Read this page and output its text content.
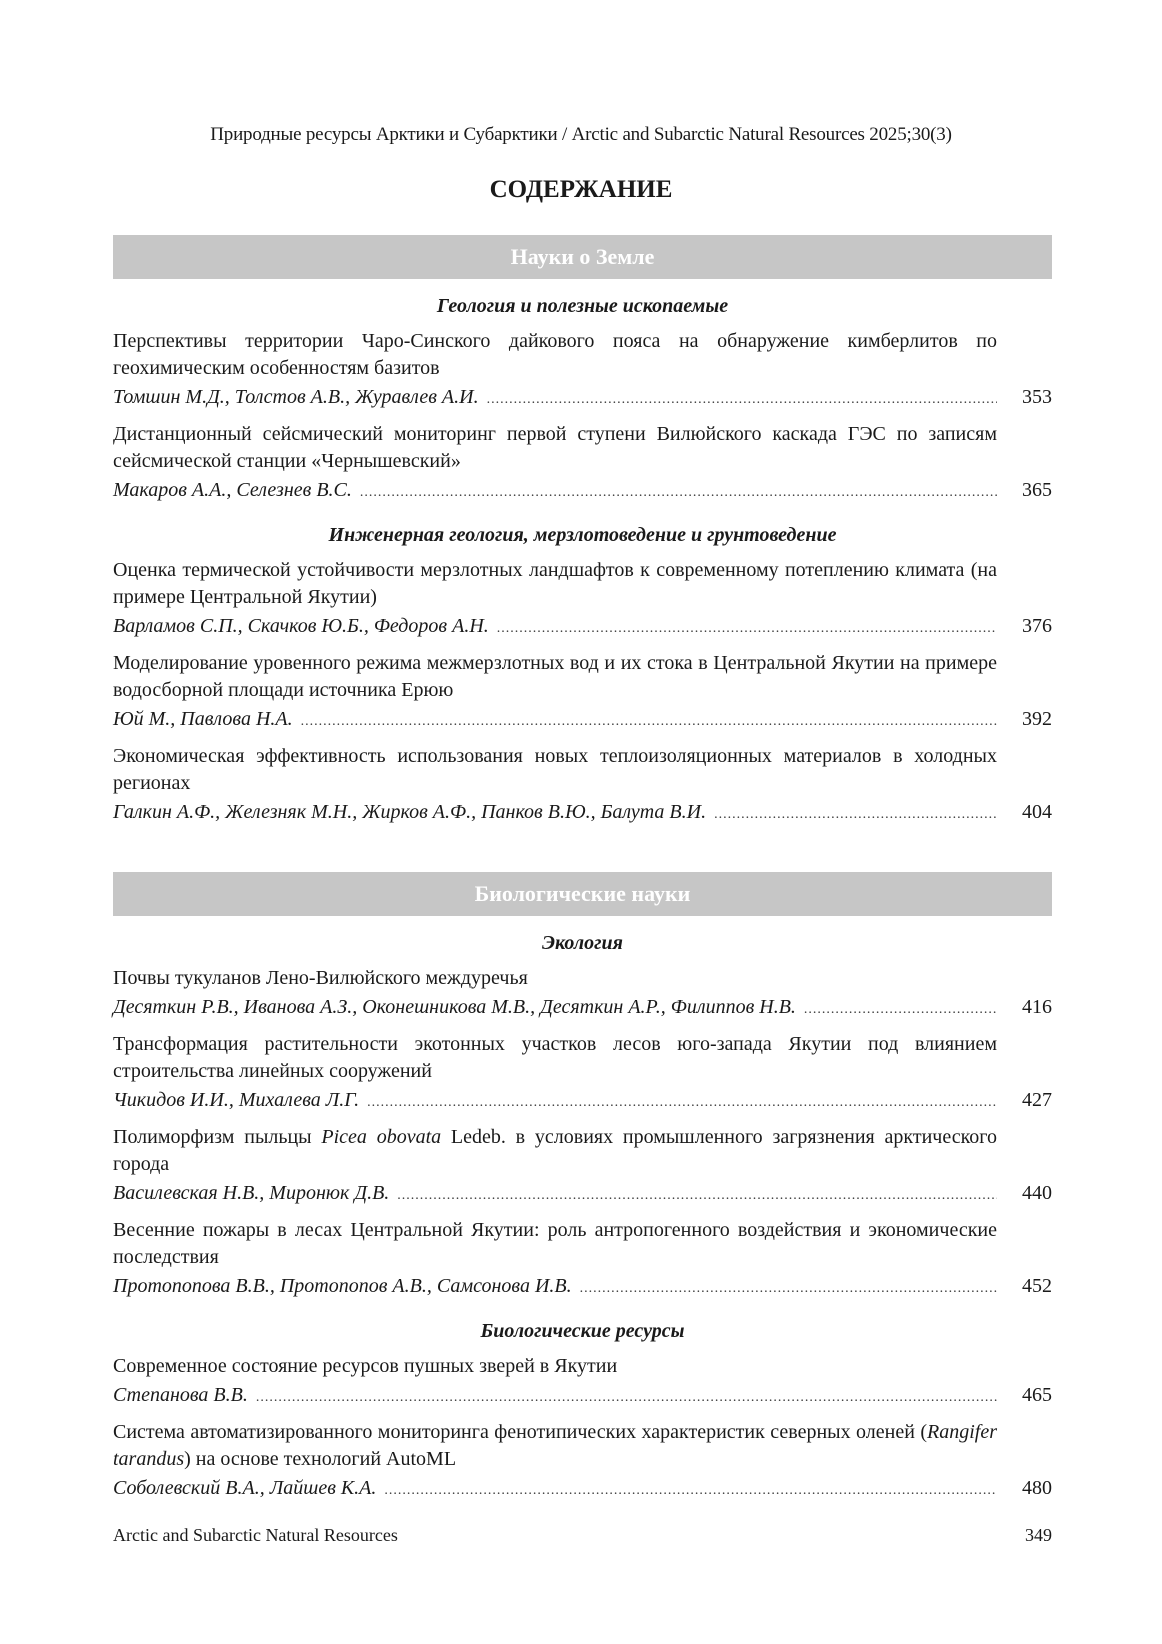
Природные ресурсы Арктики и Субарктики / Arctic and Subarctic Natural Resources 2025;30(3)
СОДЕРЖАНИЕ
Науки о Земле
Геология и полезные ископаемые
Перспективы территории Чаро-Синского дайкового пояса на обнаружение кимберлитов по геохимическим особенностям базитов
Томшин М.Д., Толстов А.В., Журавлев А.И. .....	353
Дистанционный сейсмический мониторинг первой ступени Вилюйского каскада ГЭС по записям сейсмической станции «Чернышевский»
Макаров А.А., Селезнев В.С. .....	365
Инженерная геология, мерзлотоведение и грунтоведение
Оценка термической устойчивости мерзлотных ландшафтов к современному потеплению климата (на примере Центральной Якутии)
Варламов С.П., Скачков Ю.Б., Федоров А.Н. .....	376
Моделирование уровенного режима межмерзлотных вод и их стока в Центральной Якутии на примере водосборной площади источника Ерюю
Юй М., Павлова Н.А. .....	392
Экономическая эффективность использования новых теплоизоляционных материалов в холодных регионах
Галкин А.Ф., Железняк М.Н., Жирков А.Ф., Панков В.Ю., Балута В.И. .....	404
Биологические науки
Экология
Почвы тукуланов Лено-Вилюйского междуречья
Десяткин Р.В., Иванова А.З., Оконешникова М.В., Десяткин А.Р., Филиппов Н.В. .....	416
Трансформация растительности экотонных участков лесов юго-запада Якутии под влиянием строительства линейных сооружений
Чикидов И.И., Михалева Л.Г. .....	427
Полиморфизм пыльцы Picea obovata Ledeb. в условиях промышленного загрязнения арктического города
Василевская Н.В., Миронюк Д.В. .....	440
Весенние пожары в лесах Центральной Якутии: роль антропогенного воздействия и экономические последствия
Протопопова В.В., Протопопов А.В., Самсонова И.В. .....	452
Биологические ресурсы
Современное состояние ресурсов пушных зверей в Якутии
Степанова В.В. .....	465
Система автоматизированного мониторинга фенотипических характеристик северных оленей (Rangifer tarandus) на основе технологий AutoML
Соболевский В.А., Лайшев К.А. .....	480
Arctic and Subarctic Natural Resources	349
